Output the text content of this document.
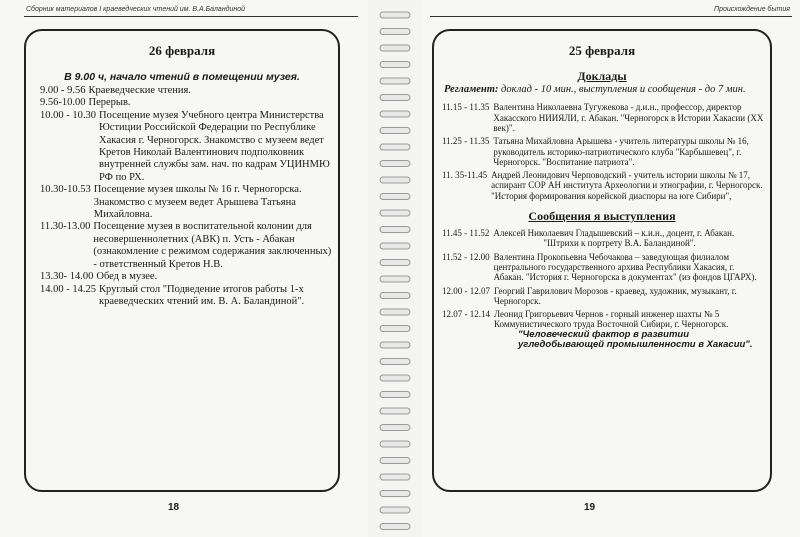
Сборник материалов I краеведческих чтений им. В.А.Баландиной
26 февраля

В 9.00 ч, начало чтений в помещении музея.

9.00 - 9.56 Краеведческие чтения.
9.56-10.00 Перерыв.
10.00 - 10.30 Посещение музея Учебного центра Министерства Юстиции Российской Федерации по Республике Хакасия г. Черногорск. Знакомство с музеем ведет Кретов Николай Валентинович подполковник внутренней службы зам. нач. по кадрам УЦИНМЮ РФ по РХ.
10.30-10.53 Посещение музея школы № 16 г. Черногорска. Знакомство с музеем ведет Арышева Татьяна Михайловна.
11.30-13.00 Посещение музея в воспитательной колонии для несовершеннолетних (АВК) п. Усть - Абакан (ознакомление с режимом содержания заключенных) - ответственный Кретов Н.В.
13.30- 14.00 Обед в музее.
14.00 - 14.25 Круглый стол "Подведение итогов работы 1-х краеведческих чтений им. В. А. Баландиной".
18
Происхождение бытия
25 февраля
Доклады

Регламент: доклад - 10 мин., выступления и сообщения - до 7 мин.

11.15 - 11.35 Валентина Николаевна Тугужекова - д.и.н., профессор, директор Хакасского НИИЯЛИ, г. Абакан. "Черногорск в Истории Хакасии (XX век)".
11.25 - 11.35 Татьяна Михайловна Арышева - учитель литературы школы № 16, руководитель историко-патриотического клуба "Карбышевец", г. Черногорск. "Воспитание патриота".
11. 35-11.45 Андрей Леонидович Черповодский - учитель истории школы № 17, аспирант СОР АН института Археологии и этнографии, г. Черногорск. "История формирования корейской диаспоры на юге Сибири",
Сообщения я выступления
11.45 - 11.52 Алексей Николаевич Гладышевский – к.и.н., доцент, г. Абакан.
"Штрихи к портрету В.А. Баландиной".
11.52 - 12.00 Валентина Прокопьевна Чебочакова – заведующая филиалом центрального государственного архива Республики Хакасия, г. Абакан. "История г. Черногорска в документах" (из фондов ЦГАРХ).
12.00 - 12.07 Георгий Гаврилович Морозов - краевед, художник, музыкант, г. Черногорск.
12.07 - 12.14 Леонид Григорьевич Чернов - горный инженер шахты № 5 Коммунистического труда Восточной Сибири, г. Черногорск.
"Человеческий фактор в развитии угледобывающей промышленности в Хакасии".
19
